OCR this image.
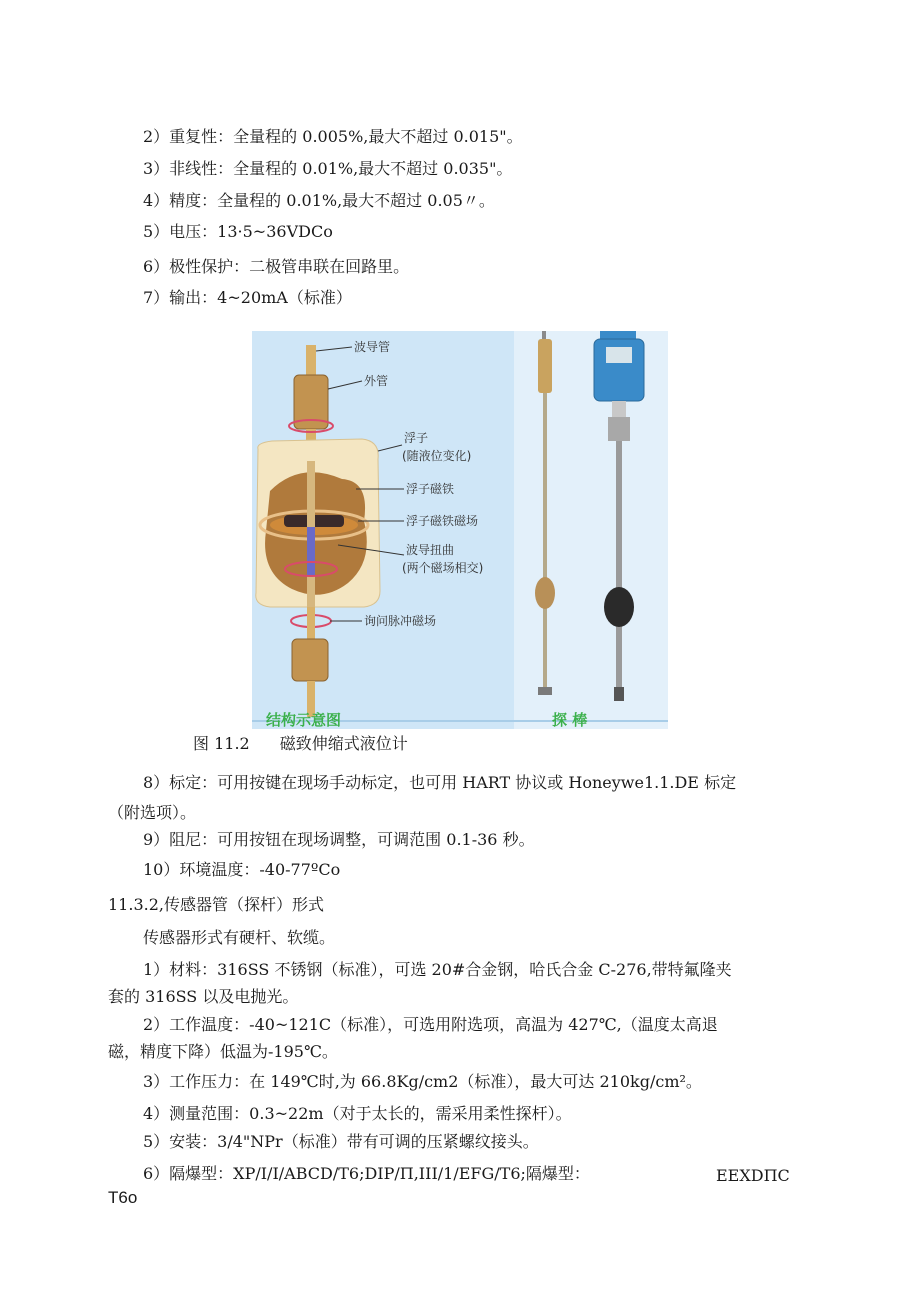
2）重复性：全量程的 0.005%,最大不超过 0.015"。
3）非线性：全量程的 0.01%,最大不超过 0.035"。
4）精度：全量程的 0.01%,最大不超过 0.05〃。
5）电压：13·5~36VDCo
6）极性保护：二极管串联在回路里。
7）输出：4~20mA（标准）
波导管
外管
浮子
(随液位变化)
浮子磁铁
浮子磁铁磁场
波导扭曲
(两个磁场相交)
询问脉冲磁场
结构示意图	探 棒
图 11.2 磁致伸缩式液位计
8）标定：可用按键在现场手动标定，也可用 HART 协议或 Honeywe1.1.DE 标定
（附选项）。
9）阻尼：可用按钮在现场调整，可调范围 0.1-36 秒。
10）环境温度：-40-77ºCo
11.3.2,传感器管（探杆）形式
传感器形式有硬杆、软缆。
1）材料：316SS 不锈钢（标准），可选 20#合金钢，哈氏合金 C-276,带特氟隆夹
套的 316SS 以及电抛光。
2）工作温度：-40~121C（标准），可选用附选项，高温为 427℃,（温度太高退
磁，精度下降）低温为-195℃。
3）工作压力：在 149℃时,为 66.8Kg∕cm2（标准），最大可达 210kg∕cm²。
4）测量范围：0.3~22m（对于太长的，需采用柔性探杆）。
5）安装：3/4"NPr（标准）带有可调的压紧螺纹接头。
6）隔爆型：XP∕Ⅰ∕Ⅰ∕ABCD∕T6;DIP∕Π,III/1/EFG/T6;隔爆型：	EEXDΠC
T6o
